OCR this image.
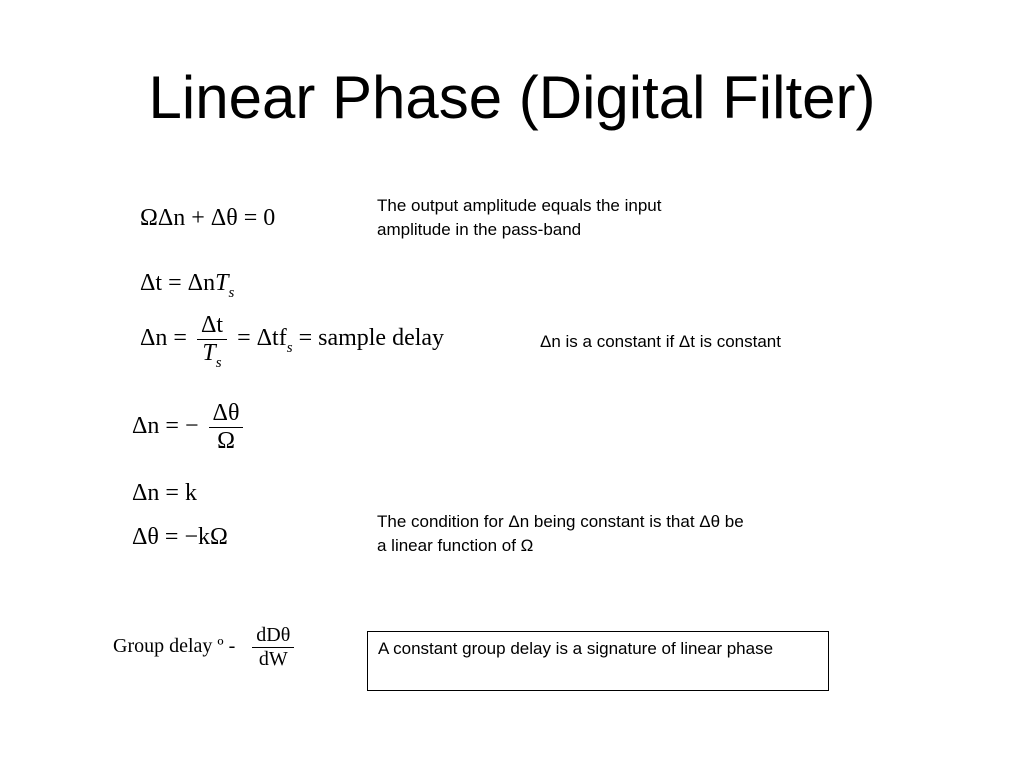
Linear Phase (Digital Filter)
ΩΔn + Δθ = 0	The output amplitude equals the input amplitude in the pass-band
Δt = ΔnT$_s$
$\Delta n = \frac{\Delta t}{T_s} = \Delta tf_s$ = sample delay	Δn is a constant if Δt is constant
Δn = − $\frac{\Delta\theta}{\Omega}$
Δn = k
Δθ = −kΩ
The condition for Δn being constant is that Δθ be a linear function of Ω
Group delay º - $\frac{\text{dDθ}}{dW}$	A constant group delay is a signature of linear phase
